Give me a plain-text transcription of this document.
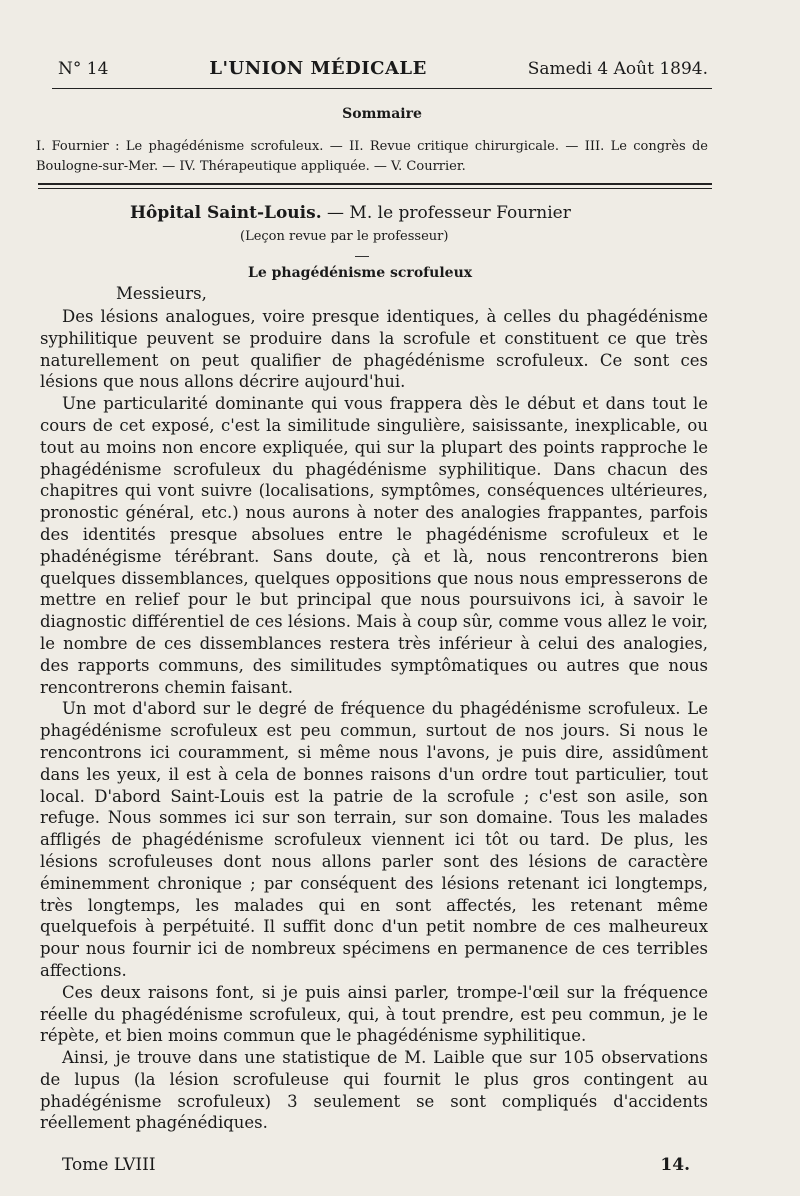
N° 14	L'UNION MÉDICALE	Samedi 4 Août 1894.
Sommaire
I. Fournier : Le phagédénisme scrofuleux. — II. Revue critique chirurgicale. — III. Le congrès de Boulogne-sur-Mer. — IV. Thérapeutique appliquée. — V. Courrier.
Hôpital Saint-Louis. — M. le professeur Fournier
(Leçon revue par le professeur)
Le phagédénisme scrofuleux
Messieurs,

Des lésions analogues, voire presque identiques, à celles du phagédénisme syphilitique peuvent se produire dans la scrofule et constituent ce que très naturellement on peut qualifier de phagédénisme scrofuleux. Ce sont ces lésions que nous allons décrire aujourd'hui.

Une particularité dominante qui vous frappera dès le début et dans tout le cours de cet exposé, c'est la similitude singulière, saisissante, inexplicable, ou tout au moins non encore expliquée, qui sur la plupart des points rapproche le phagédénisme scrofuleux du phagédénisme syphilitique. Dans chacun des chapitres qui vont suivre (localisations, symptômes, conséquences ultérieures, pronostic général, etc.) nous aurons à noter des analogies frappantes, parfois des identités presque absolues entre le phagédénisme scrofuleux et le phadénégisme térébrant. Sans doute, çà et là, nous rencontrerons bien quelques dissemblances, quelques oppositions que nous nous empresserons de mettre en relief pour le but principal que nous poursuivons ici, à savoir le diagnostic différentiel de ces lésions. Mais à coup sûr, comme vous allez le voir, le nombre de ces dissemblances restera très inférieur à celui des analogies, des rapports communs, des similitudes symptômatiques ou autres que nous rencontrerons chemin faisant.

Un mot d'abord sur le degré de fréquence du phagédénisme scrofuleux. Le phagédénisme scrofuleux est peu commun, surtout de nos jours. Si nous le rencontrons ici couramment, si même nous l'avons, je puis dire, assidûment dans les yeux, il est à cela de bonnes raisons d'un ordre tout particulier, tout local. D'abord Saint-Louis est la patrie de la scrofule ; c'est son asile, son refuge. Nous sommes ici sur son terrain, sur son domaine. Tous les malades affligés de phagédénisme scrofuleux viennent ici tôt ou tard. De plus, les lésions scrofuleuses dont nous allons parler sont des lésions de caractère éminemment chronique ; par conséquent des lésions retenant ici longtemps, très longtemps, les malades qui en sont affectés, les retenant même quelquefois à perpétuité. Il suffit donc d'un petit nombre de ces malheureux pour nous fournir ici de nombreux spécimens en permanence de ces terribles affections.

Ces deux raisons font, si je puis ainsi parler, trompe-l'œil sur la fréquence réelle du phagédénisme scrofuleux, qui, à tout prendre, est peu commun, je le répète, et bien moins commun que le phagédénisme syphilitique.

Ainsi, je trouve dans une statistique de M. Laible que sur 105 observations de lupus (la lésion scrofuleuse qui fournit le plus gros contingent au phadégénisme scrofuleux) 3 seulement se sont compliqués d'accidents réellement phagénédiques.

Tome LVIII	14.
